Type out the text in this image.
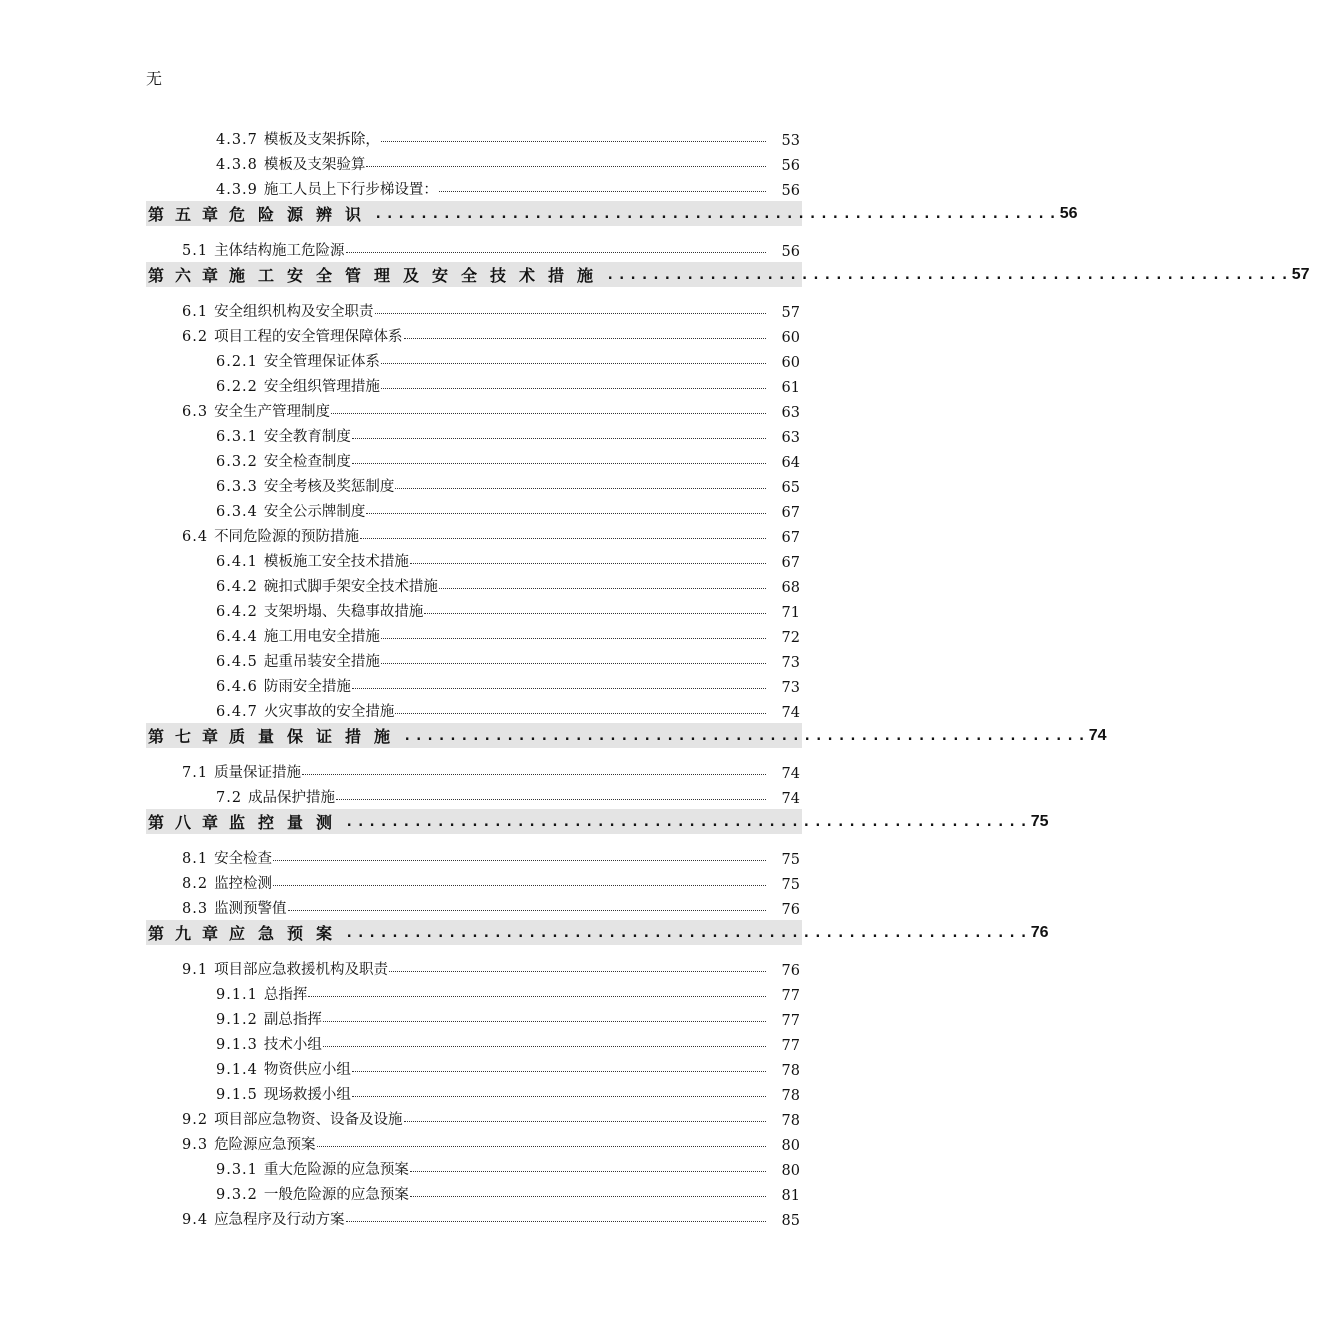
无
4.3.7 模板及支架拆除，	53
4.3.8 模板及支架验算	56
4.3.9 施工人员上下行步梯设置：	56
第五章 危险源辨识 ............................................................ 56
5.1 主体结构施工危险源	56
第六章 施工安全管理及安全技术措施 ............................................................ 57
6.1 安全组织机构及安全职责	57
6.2 项目工程的安全管理保障体系	60
6.2.1 安全管理保证体系	60
6.2.2 安全组织管理措施	61
6.3 安全生产管理制度	63
6.3.1 安全教育制度	63
6.3.2 安全检查制度	64
6.3.3 安全考核及奖惩制度	65
6.3.4 安全公示牌制度	67
6.4 不同危险源的预防措施	67
6.4.1 模板施工安全技术措施	67
6.4.2 碗扣式脚手架安全技术措施	68
6.4.2 支架坍塌、失稳事故措施	71
6.4.4 施工用电安全措施	72
6.4.5 起重吊装安全措施	73
6.4.6 防雨安全措施	73
6.4.7 火灾事故的安全措施	74
第七章 质量保证措施 ............................................................ 74
7.1 质量保证措施	74
7.2 成品保护措施	74
第八章 监控量测 ............................................................ 75
8.1 安全检查	75
8.2 监控检测	75
8.3 监测预警值	76
第九章 应急预案 ............................................................ 76
9.1 项目部应急救援机构及职责	76
9.1.1 总指挥	77
9.1.2 副总指挥	77
9.1.3 技术小组	77
9.1.4 物资供应小组	78
9.1.5 现场救援小组	78
9.2 项目部应急物资、设备及设施	78
9.3 危险源应急预案	80
9.3.1 重大危险源的应急预案	80
9.3.2 一般危险源的应急预案	81
9.4 应急程序及行动方案	85
